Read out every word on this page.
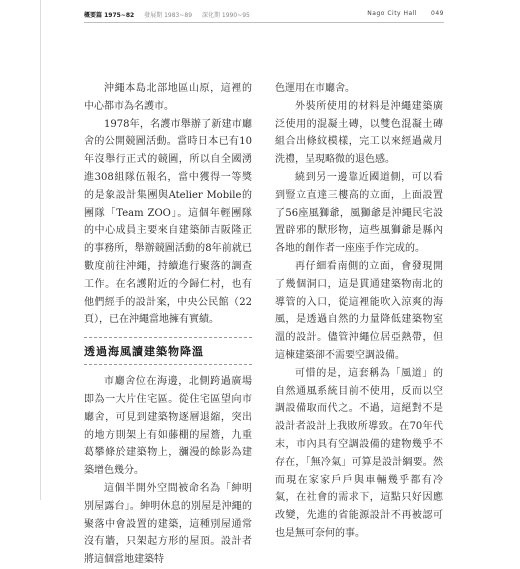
概要篇 1975~82 發展期 1983~89 深化期 1990~95	Nago City Hall 049

沖繩本島北部地區山原，這裡的中心都市為名護市。

1978年，名護市舉辦了新建市廳舍的公開競圖活動。當時日本已有10年沒舉行正式的競圖，所以自全國湧進308組隊伍報名，當中獲得一等獎的是象設計集團與Atelier Mobile的團隊「Team ZOO」。這個年輕團隊的中心成員主要來自建築師吉阪隆正的事務所，舉辦競圖活動的8年前就已數度前往沖繩，持續進行聚落的調查工作。在名護附近的今歸仁村，也有他們經手的設計案，中央公民館（22頁），已在沖繩當地擁有實績。

透過海風讀建築物降溫

市廳舍位在海邊，北側跨過廣場即為一大片住宅區。從住宅區望向市廳舍，可見到建築物逐層退縮，突出的地方則架上有如藤棚的屋簷，九重葛攀條於建築物上，瀰漫的餘影為建築增色幾分。

這個半開外空間被命名為「紳明別屋露台」。紳明休息的別屋是沖繩的聚落中會設置的建築，這種別屋通常沒有牆，只架起方形的屋頂。設計者將這個當地建築特

色運用在市廳舍。

外裝所使用的材料是沖繩建築廣泛使用的混凝土磚，以雙色混凝土磚組合出條紋模樣，完工以來經過歲月洗禮，呈現略微的退色感。

繞到另一邊靠近國道側，可以看到豎立直達三樓高的立面，上面設置了56座風獅爺，風獅爺是沖繩民宅設置辟邪的獸形物，這些風獅爺是縣內各地的創作者一座座手作完成的。

再仔細看南側的立面，會發現開了幾個洞口，這是貫通建築物南北的導管的入口，從這裡能吹入涼爽的海風，是透過自然的力量降低建築物室溫的設計。儘管沖繩位居亞熱帶，但這棟建築卻不需要空調設備。

可惜的是，這套稱為「風道」的自然通風系統目前不使用，反而以空調設備取而代之。不過，這絕對不是設計者設計上我敗所導致。在70年代末，市內具有空調設備的建物幾乎不存在，「無冷氣」可算是設計綱要。然而現在家家戶戶與車輛幾乎都有冷氣，在社會的需求下，這點只好因應改變，先進的省能源設計不再被認可也是無可奈何的事。
